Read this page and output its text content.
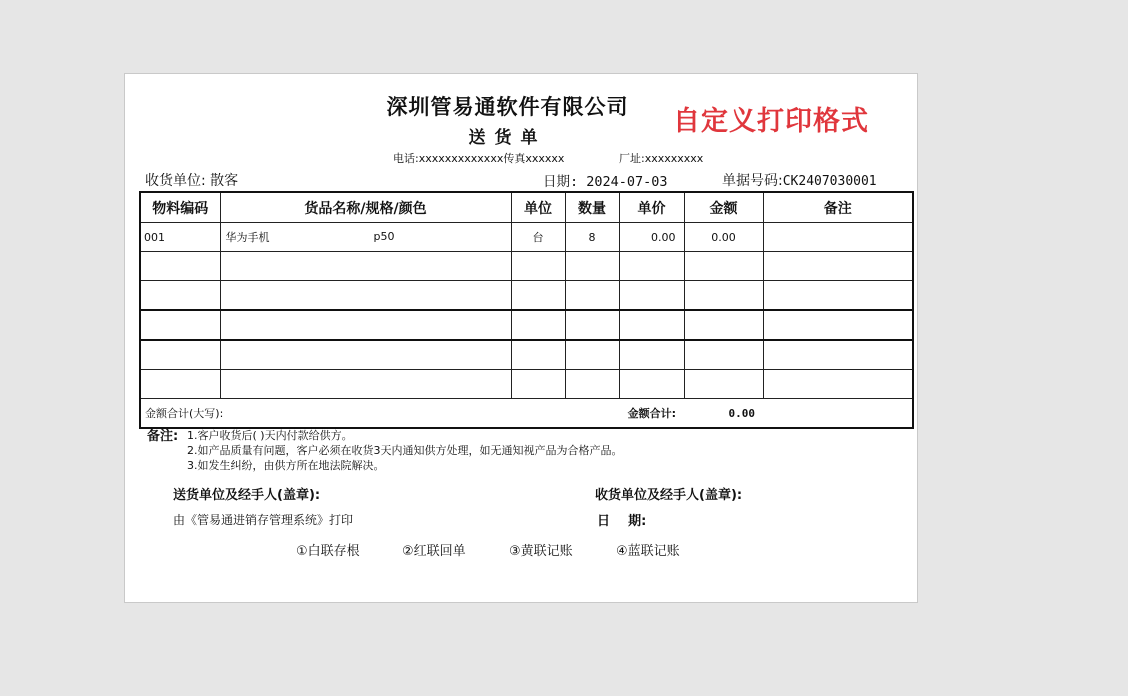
深圳管易通软件有限公司
送货单
自定义打印格式
电话:xxxxxxxxxxxxx传真xxxxxx	厂址:xxxxxxxxx
收货单位: 散客	日期: 2024-07-03	单据号码:CK2407030001
物料编码	货品名称/规格/颜色	单位	数量	单价	金额	备注
001	华为手机 p50	台	8	0.00	0.00	

金额合计(大写):			金额合计:		0.00	
备注: 1.客户收货后( )天内付款给供方。
2.如产品质量有问题，客户必须在收货3天内通知供方处理，如无通知视产品为合格产品。
3.如发生纠纷，由供方所在地法院解决。
送货单位及经手人(盖章):	收货单位及经手人(盖章):
日    期:
由《管易通进销存管理系统》打印
①白联存根	②红联回单	③黄联记账	④蓝联记账
